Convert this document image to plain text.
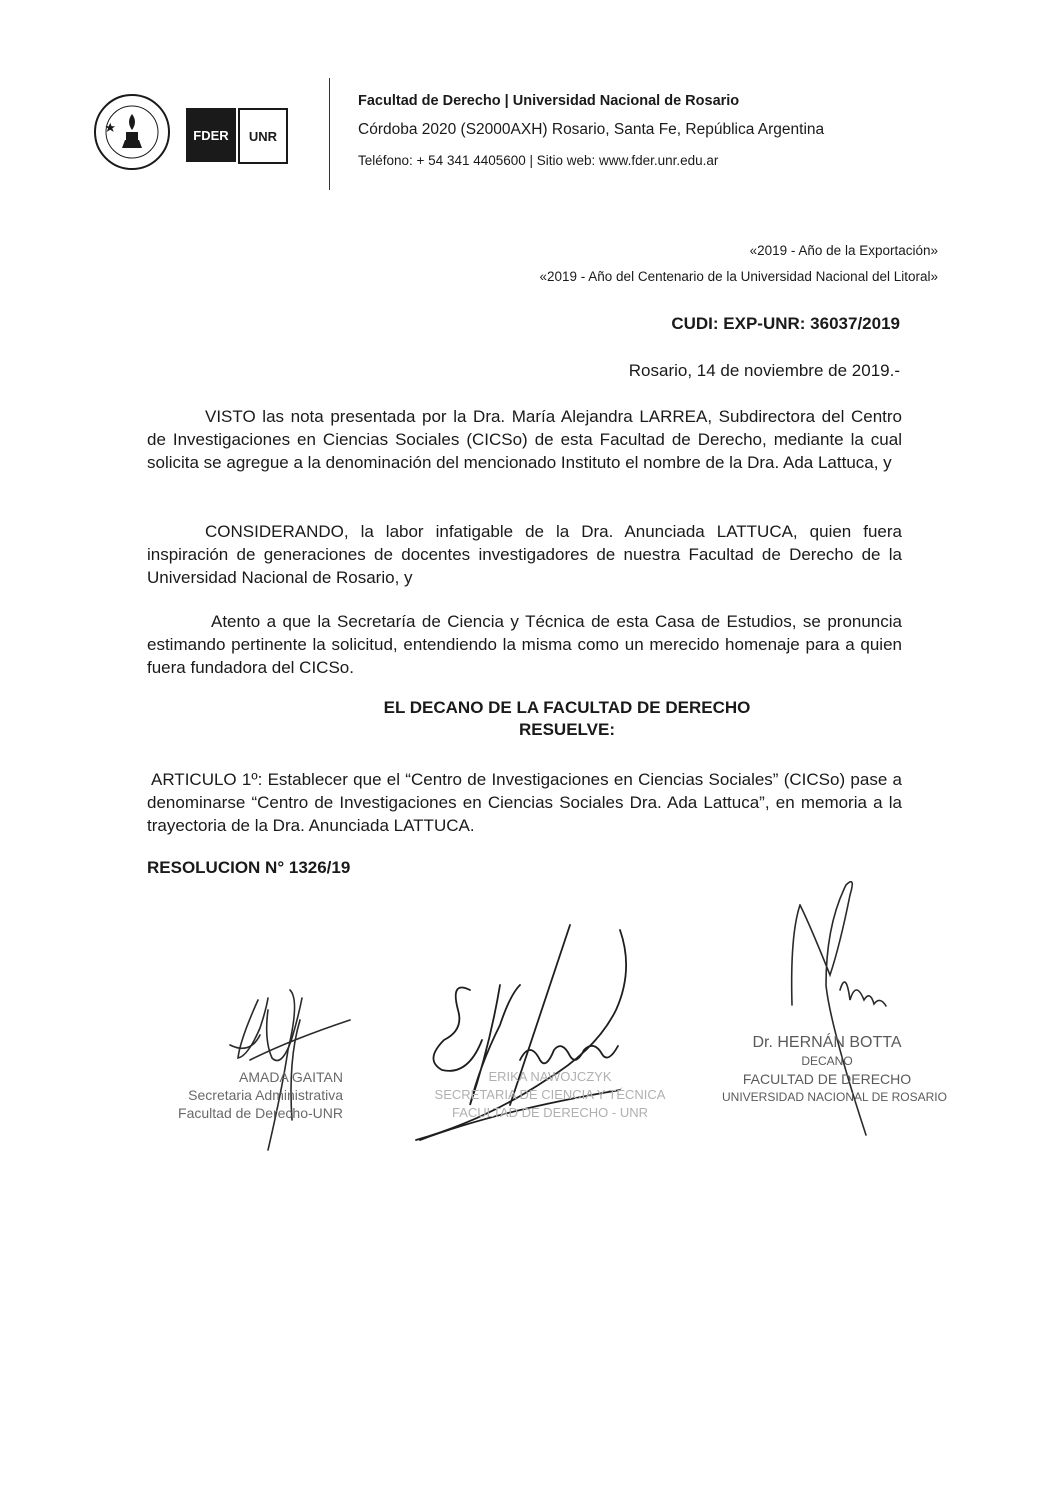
FDER	UNR
Facultad de Derecho | Universidad Nacional de Rosario
Córdoba 2020 (S2000AXH) Rosario, Santa Fe, República Argentina
Teléfono: + 54 341 4405600 | Sitio web: www.fder.unr.edu.ar
«2019 - Año de la Exportación»
«2019 - Año del Centenario de la Universidad Nacional del Litoral»
CUDI: EXP-UNR: 36037/2019
Rosario, 14 de noviembre de 2019.-
VISTO las nota presentada por la Dra. María Alejandra LARREA, Subdirectora del Centro de Investigaciones en Ciencias Sociales (CICSo) de esta Facultad de Derecho, mediante la cual solicita se agregue a la denominación del mencionado Instituto el nombre de la Dra. Ada Lattuca, y
CONSIDERANDO, la labor infatigable de la Dra. Anunciada LATTUCA, quien fuera inspiración de generaciones de docentes investigadores de nuestra Facultad de Derecho de la Universidad Nacional de Rosario, y
Atento a que la Secretaría de Ciencia y Técnica de esta Casa de Estudios, se pronuncia estimando pertinente la solicitud, entendiendo la misma como un merecido homenaje para a quien fuera fundadora del CICSo.
EL DECANO DE LA FACULTAD DE DERECHO
RESUELVE:
ARTICULO 1º: Establecer que el “Centro de Investigaciones en Ciencias Sociales” (CICSo) pase a denominarse “Centro de Investigaciones en Ciencias Sociales Dra. Ada Lattuca”, en memoria a la trayectoria de la Dra. Anunciada LATTUCA.
RESOLUCION N° 1326/19
AMADA GAITAN
Secretaria Administrativa
Facultad de Derecho-UNR
ERIKA NAWOJCZYK
SECRETARIA DE CIENCIA Y TÉCNICA
FACULTAD DE DERECHO - UNR
Dr. HERNÁN BOTTA
DECANO
FACULTAD DE DERECHO
UNIVERSIDAD NACIONAL DE ROSARIO
